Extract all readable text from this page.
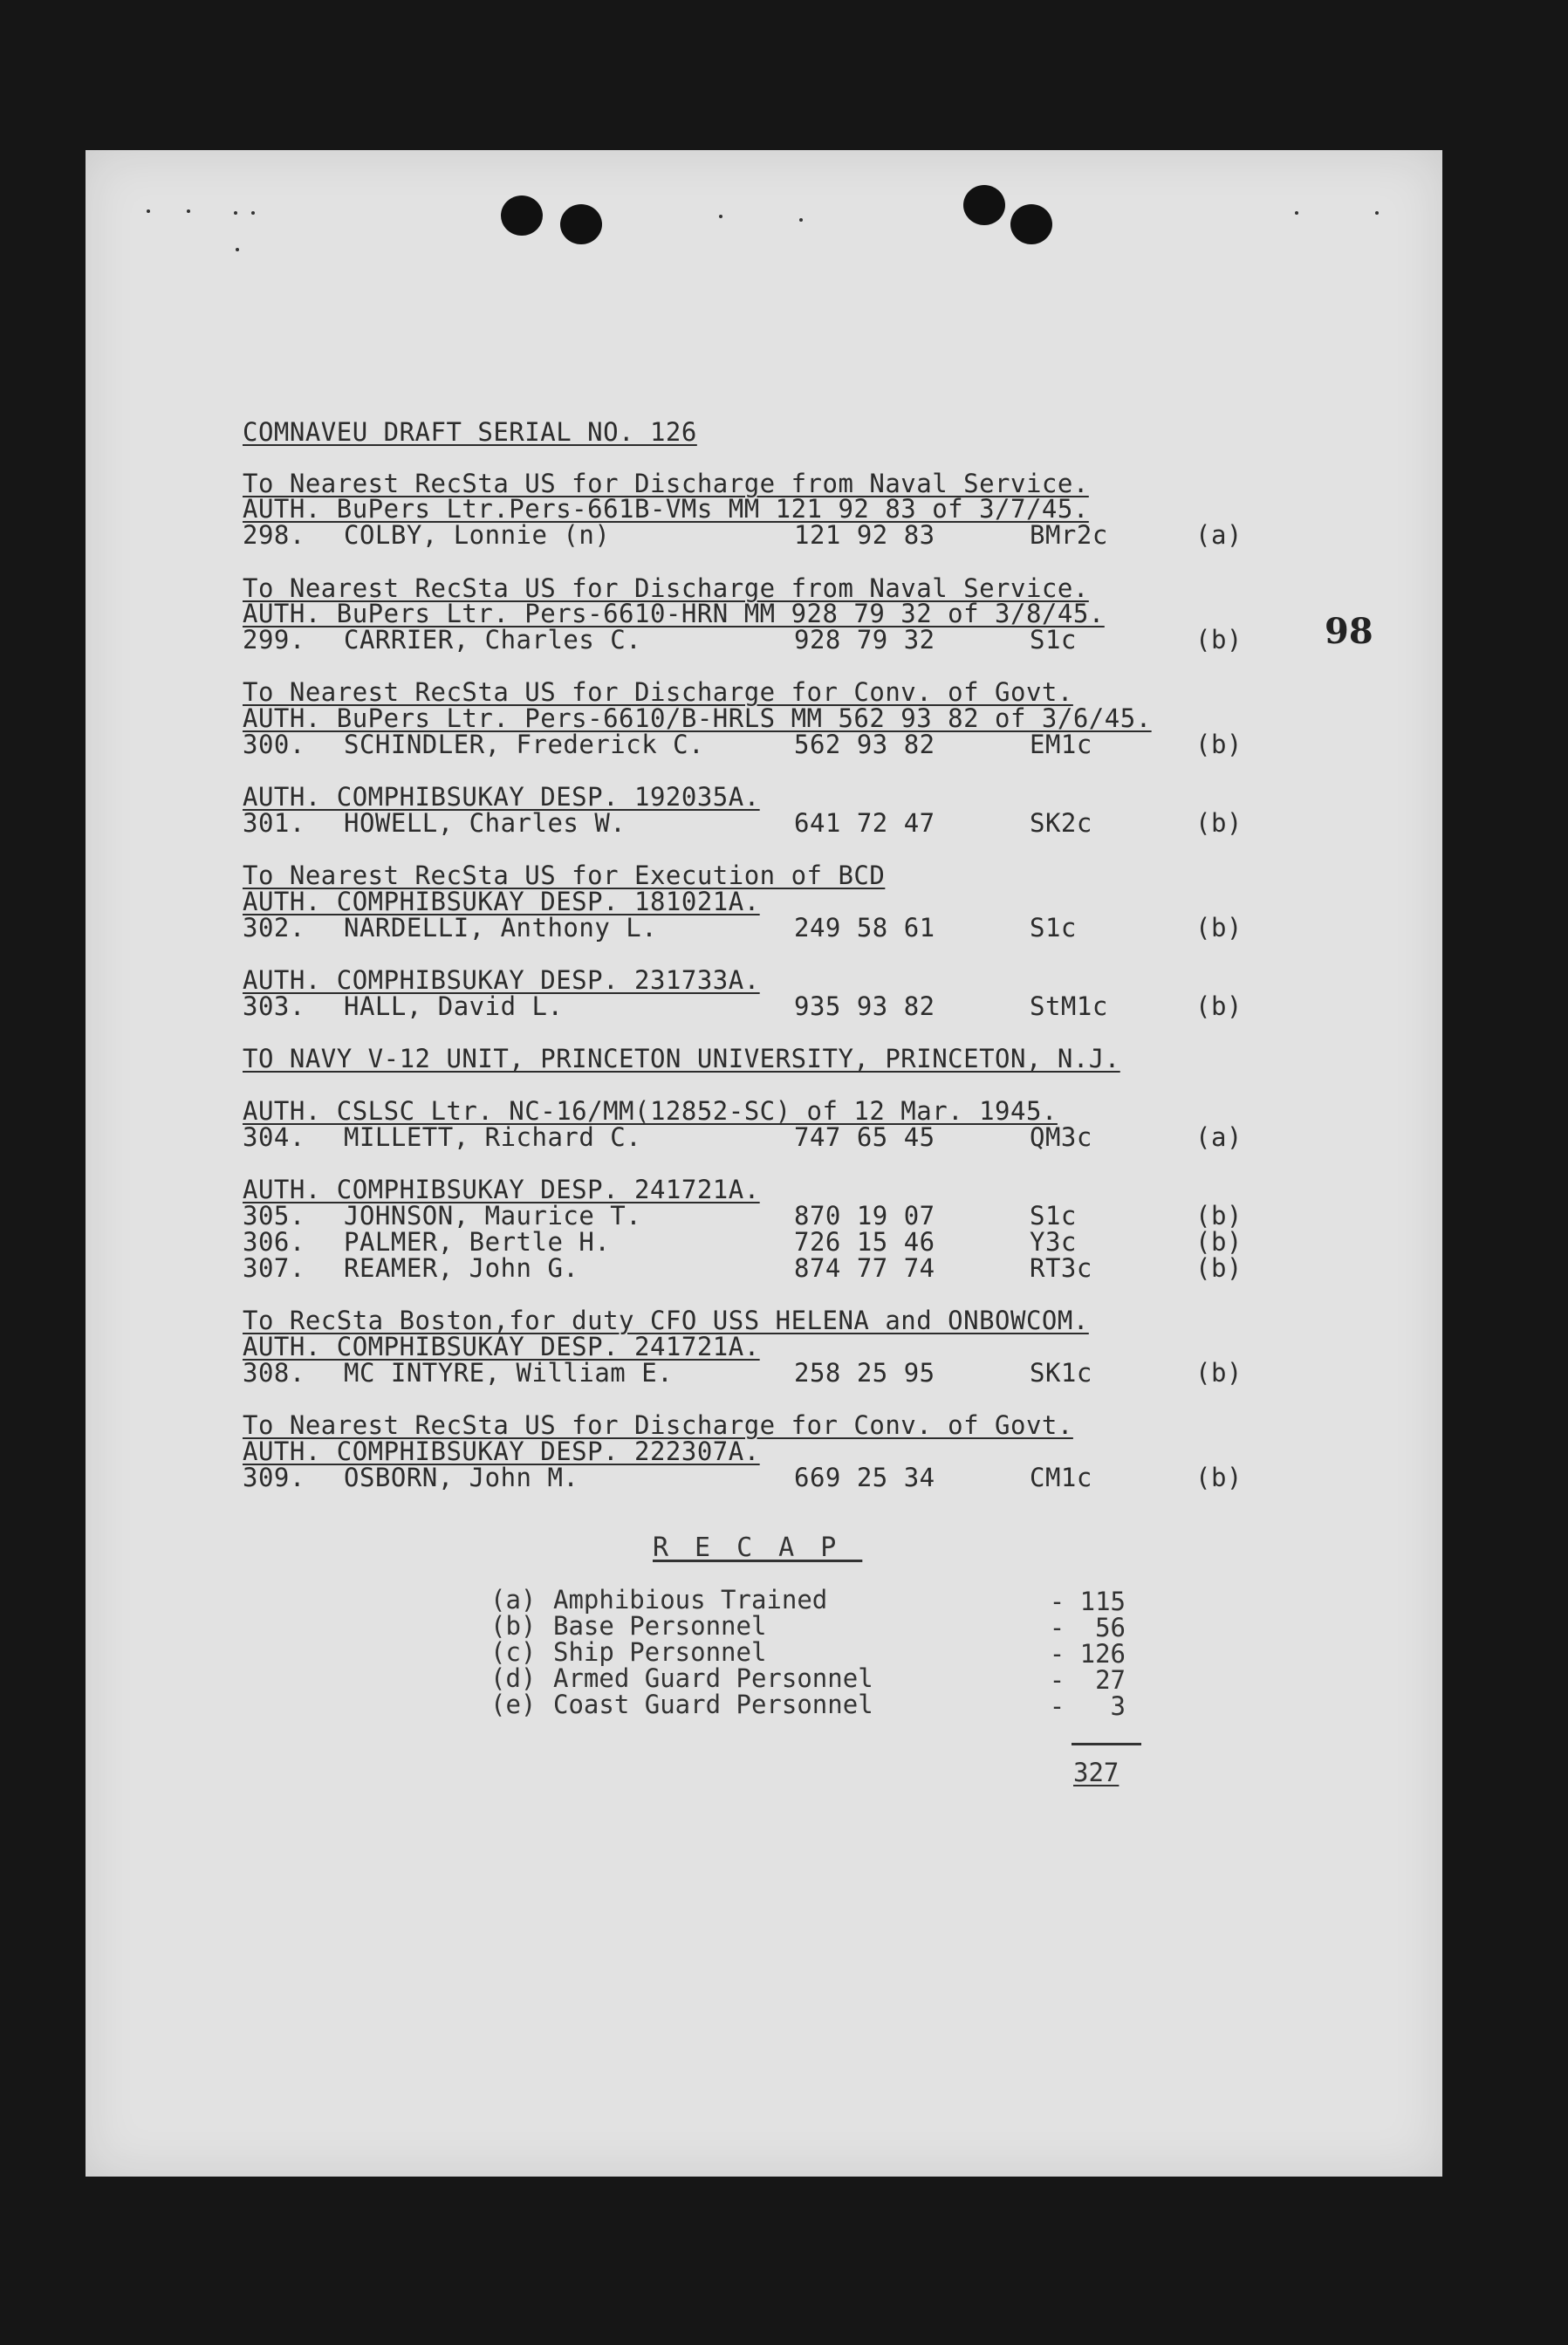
98
COMNAVEU DRAFT SERIAL NO. 126
To Nearest RecSta US for Discharge from Naval Service.
AUTH. BuPers Ltr.Pers-661B-VMs MM 121 92 83 of 3/7/45.
298. COLBY, Lonnie (n)	121 92 83	BMr2c	(a)
To Nearest RecSta US for Discharge from Naval Service.
AUTH. BuPers Ltr. Pers-6610-HRN MM 928 79 32 of 3/8/45.
299. CARRIER, Charles C.	928 79 32	S1c	(b)
To Nearest RecSta US for Discharge for Conv. of Govt.
AUTH. BuPers Ltr. Pers-6610/B-HRLS MM 562 93 82 of 3/6/45.
300. SCHINDLER, Frederick C.	562 93 82	EM1c	(b)
AUTH. COMPHIBSUKAY DESP. 192035A.
301. HOWELL, Charles W.	641 72 47	SK2c	(b)
To Nearest RecSta US for Execution of BCD
AUTH. COMPHIBSUKAY DESP. 181021A.
302. NARDELLI, Anthony L.	249 58 61	S1c	(b)
AUTH. COMPHIBSUKAY DESP. 231733A.
303. HALL, David L.	935 93 82	StM1c	(b)
TO NAVY V-12 UNIT, PRINCETON UNIVERSITY, PRINCETON, N.J.
AUTH. CSLSC Ltr. NC-16/MM(12852-SC) of 12 Mar. 1945.
304. MILLETT, Richard C.	747 65 45	QM3c	(a)
AUTH. COMPHIBSUKAY DESP. 241721A.
305. JOHNSON, Maurice T.	870 19 07	S1c	(b)
306. PALMER, Bertle H.	726 15 46	Y3c	(b)
307. REAMER, John G.	874 77 74	RT3c	(b)
To RecSta Boston,for duty CFO USS HELENA and ONBOWCOM.
AUTH. COMPHIBSUKAY DESP. 241721A.
308. MC INTYRE, William E.	258 25 95	SK1c	(b)
To Nearest RecSta US for Discharge for Conv. of Govt.
AUTH. COMPHIBSUKAY DESP. 222307A.
309. OSBORN, John M.	669 25 34	CM1c	(b)
RECAP
(a) Amphibious Trained	- 115
(b) Base Personnel	-  56
(c) Ship Personnel	- 126
(d) Armed Guard Personnel	-  27
(e) Coast Guard Personnel	-   3
327
